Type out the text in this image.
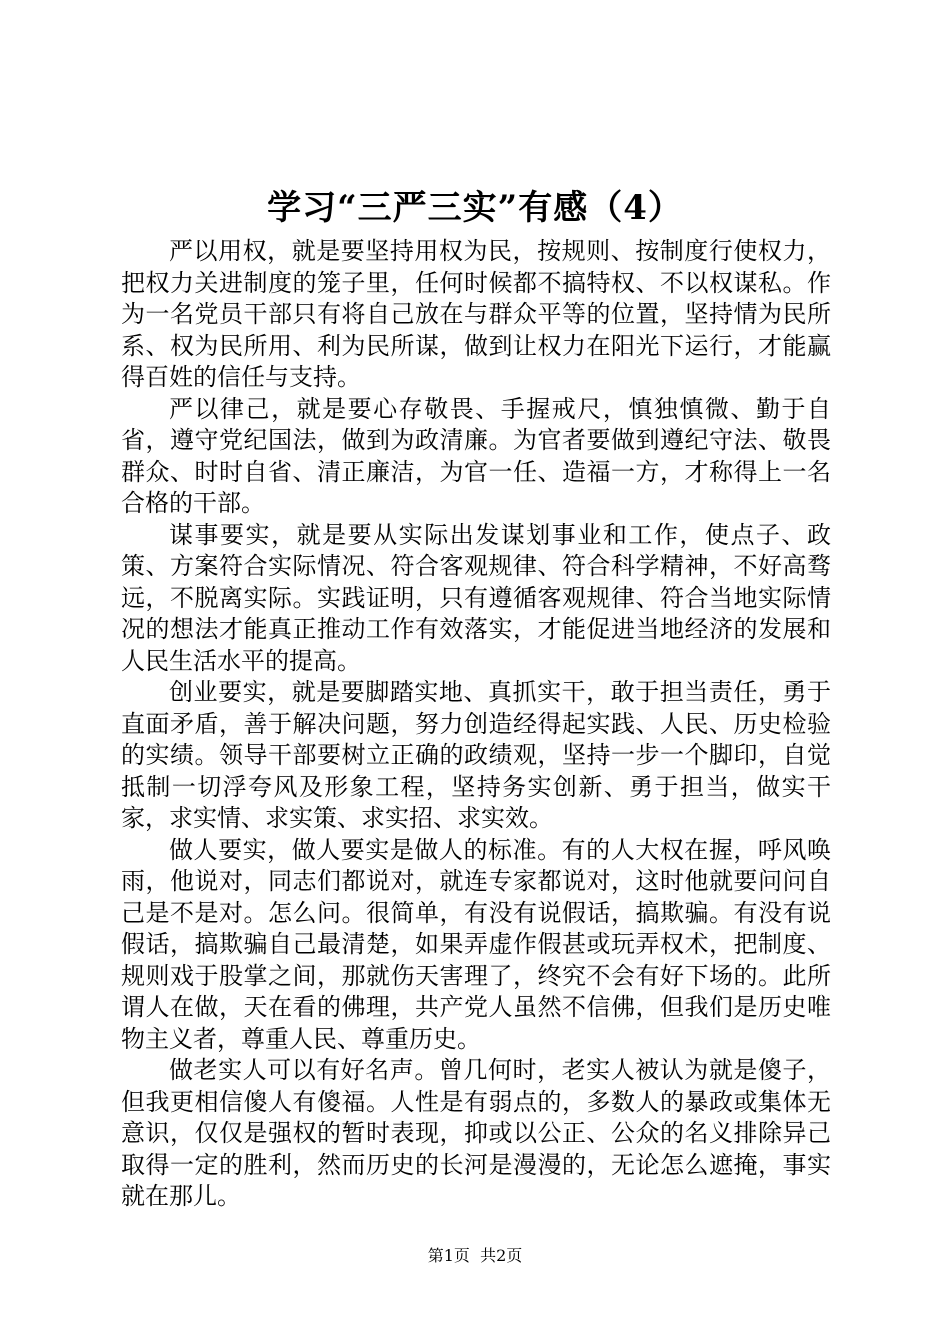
学习“三严三实”有感（4）

严以用权，就是要坚持用权为民，按规则、按制度行使权力，把权力关进制度的笼子里，任何时候都不搞特权、不以权谋私。作为一名党员干部只有将自己放在与群众平等的位置，坚持情为民所系、权为民所用、利为民所谋，做到让权力在阳光下运行，才能赢得百姓的信任与支持。

严以律己，就是要心存敬畏、手握戒尺，慎独慎微、勤于自省，遵守党纪国法，做到为政清廉。为官者要做到遵纪守法、敬畏群众、时时自省、清正廉洁，为官一任、造福一方，才称得上一名合格的干部。

谋事要实，就是要从实际出发谋划事业和工作，使点子、政策、方案符合实际情况、符合客观规律、符合科学精神，不好高骛远，不脱离实际。实践证明，只有遵循客观规律、符合当地实际情况的想法才能真正推动工作有效落实，才能促进当地经济的发展和人民生活水平的提高。

创业要实，就是要脚踏实地、真抓实干，敢于担当责任，勇于直面矛盾，善于解决问题，努力创造经得起实践、人民、历史检验的实绩。领导干部要树立正确的政绩观，坚持一步一个脚印，自觉抵制一切浮夸风及形象工程，坚持务实创新、勇于担当，做实干家，求实情、求实策、求实招、求实效。

做人要实，做人要实是做人的标准。有的人大权在握，呼风唤雨，他说对，同志们都说对，就连专家都说对，这时他就要问问自己是不是对。怎么问。很简单，有没有说假话，搞欺骗。有没有说假话，搞欺骗自己最清楚，如果弄虚作假甚或玩弄权术，把制度、规则戏于股掌之间，那就伤天害理了，终究不会有好下场的。此所谓人在做，天在看的佛理，共产党人虽然不信佛，但我们是历史唯物主义者，尊重人民、尊重历史。

做老实人可以有好名声。曾几何时，老实人被认为就是傻子，但我更相信傻人有傻福。人性是有弱点的，多数人的暴政或集体无意识，仅仅是强权的暂时表现，抑或以公正、公众的名义排除异己取得一定的胜利，然而历史的长河是漫漫的，无论怎么遮掩，事实就在那儿。

第1页  共2页
